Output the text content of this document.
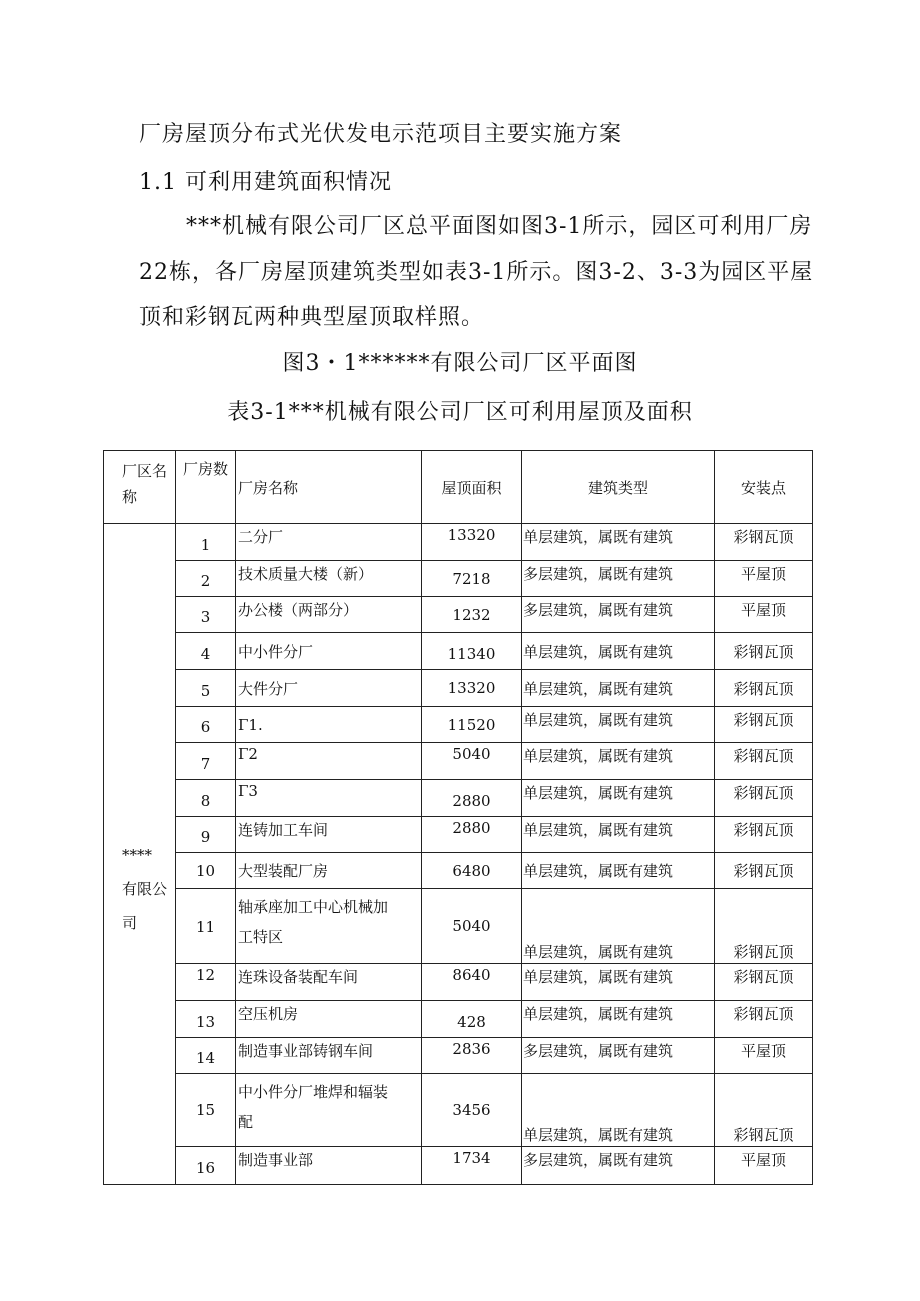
厂房屋顶分布式光伏发电示范项目主要实施方案
1.1 可利用建筑面积情况
***机械有限公司厂区总平面图如图3-1所示，园区可利用厂房
22栋，各厂房屋顶建筑类型如表3-1所示。图3-2、3-3为园区平屋
顶和彩钢瓦两种典型屋顶取样照。
图3・1******有限公司厂区平面图
表3-1***机械有限公司厂区可利用屋顶及面积
厂区名
称	厂房数	厂房名称	屋顶面积	建筑类型	安装点
****
有限公
司	1	二分厂	13320	单层建筑，属既有建筑	彩钢瓦顶
	2	技术质量大楼（新）	7218	多层建筑，属既有建筑	平屋顶
	3	办公楼（两部分）	1232	多层建筑，属既有建筑	平屋顶
	4	中小件分厂	11340	单层建筑，属既有建筑	彩钢瓦顶
	5	大件分厂	13320	单层建筑，属既有建筑	彩钢瓦顶
	6	Γ1.	11520	单层建筑，属既有建筑	彩钢瓦顶
	7	Γ2	5040	单层建筑，属既有建筑	彩钢瓦顶
	8	Γ3	2880	单层建筑，属既有建筑	彩钢瓦顶
	9	连铸加工车间	2880	单层建筑，属既有建筑	彩钢瓦顶
	10	大型装配厂房	6480	单层建筑，属既有建筑	彩钢瓦顶
	11	轴承座加工中心机械加
工特区	5040	单层建筑，属既有建筑	彩钢瓦顶
	12	连珠设备装配车间	8640	单层建筑，属既有建筑	彩钢瓦顶
	13	空压机房	428	单层建筑，属既有建筑	彩钢瓦顶
	14	制造事业部铸钢车间	2836	多层建筑，属既有建筑	平屋顶
	15	中小件分厂堆焊和辐装
配	3456	单层建筑，属既有建筑	彩钢瓦顶
	16	制造事业部	1734	多层建筑，属既有建筑	平屋顶
